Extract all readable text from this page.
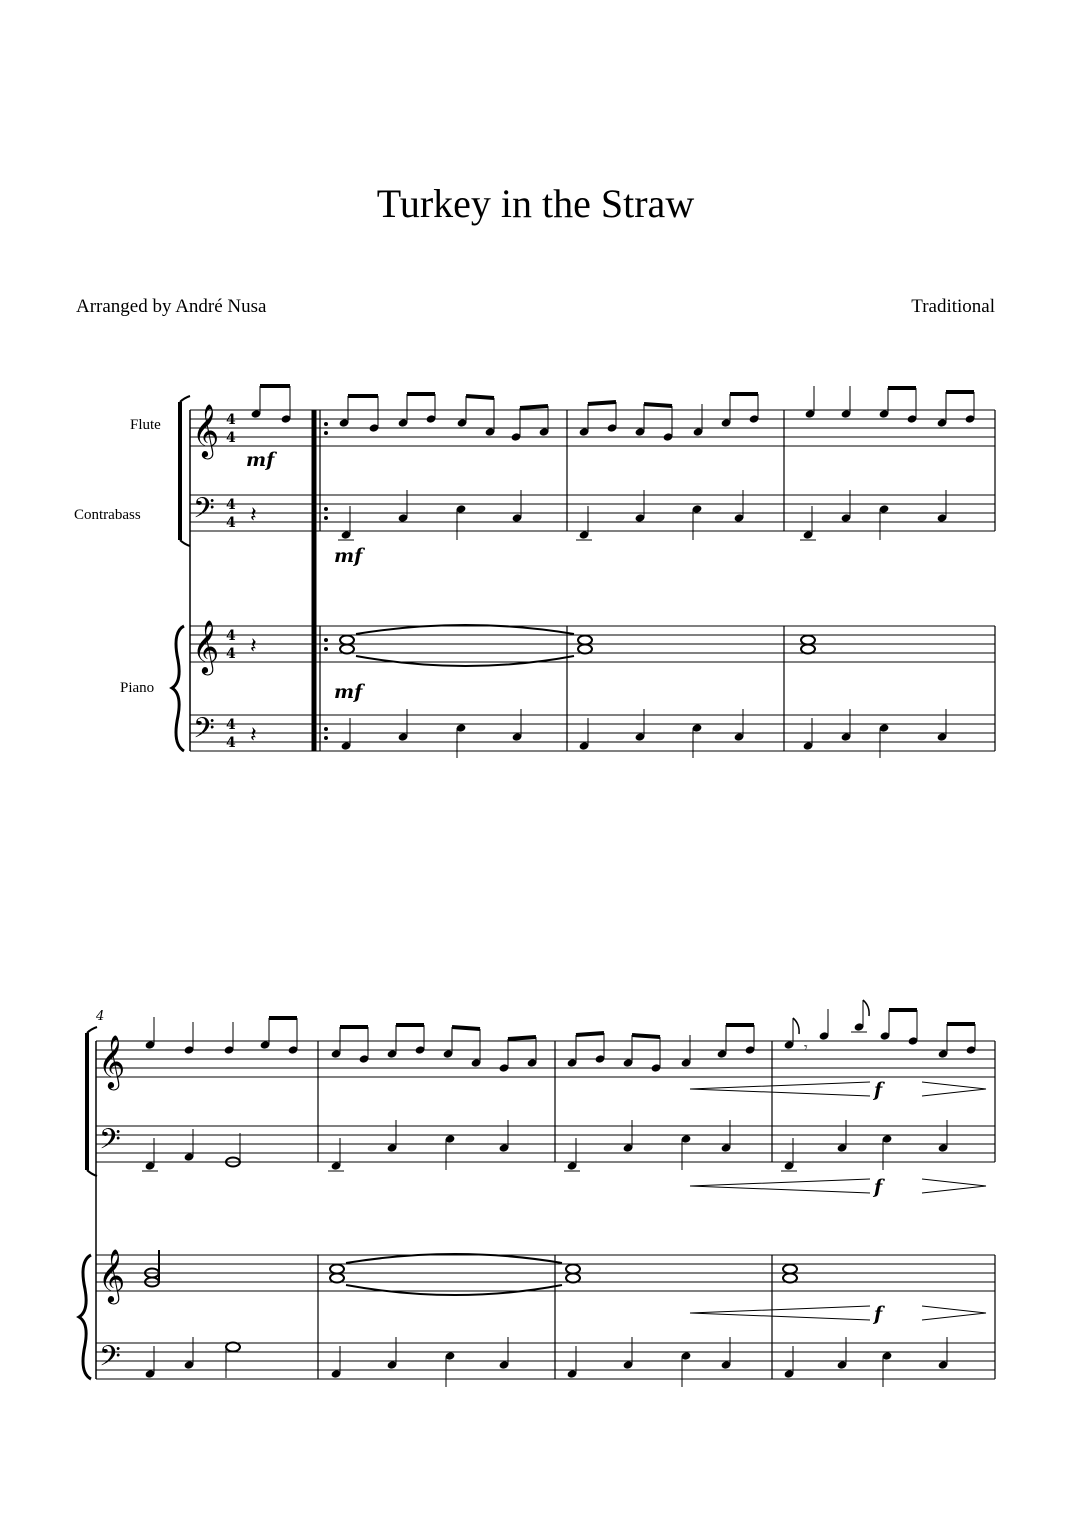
Turkey in the Straw
Arranged by André Nusa	Traditional
Flute
Contrabass
Piano
𝄞
𝄢
𝄞
𝄢
4
4
4
4
4
4
4
4
mf
𝄽
𝄽
𝄽
mf
mf
4
𝄞
𝄢
𝄞
𝄢
𝄾
f
f
f
